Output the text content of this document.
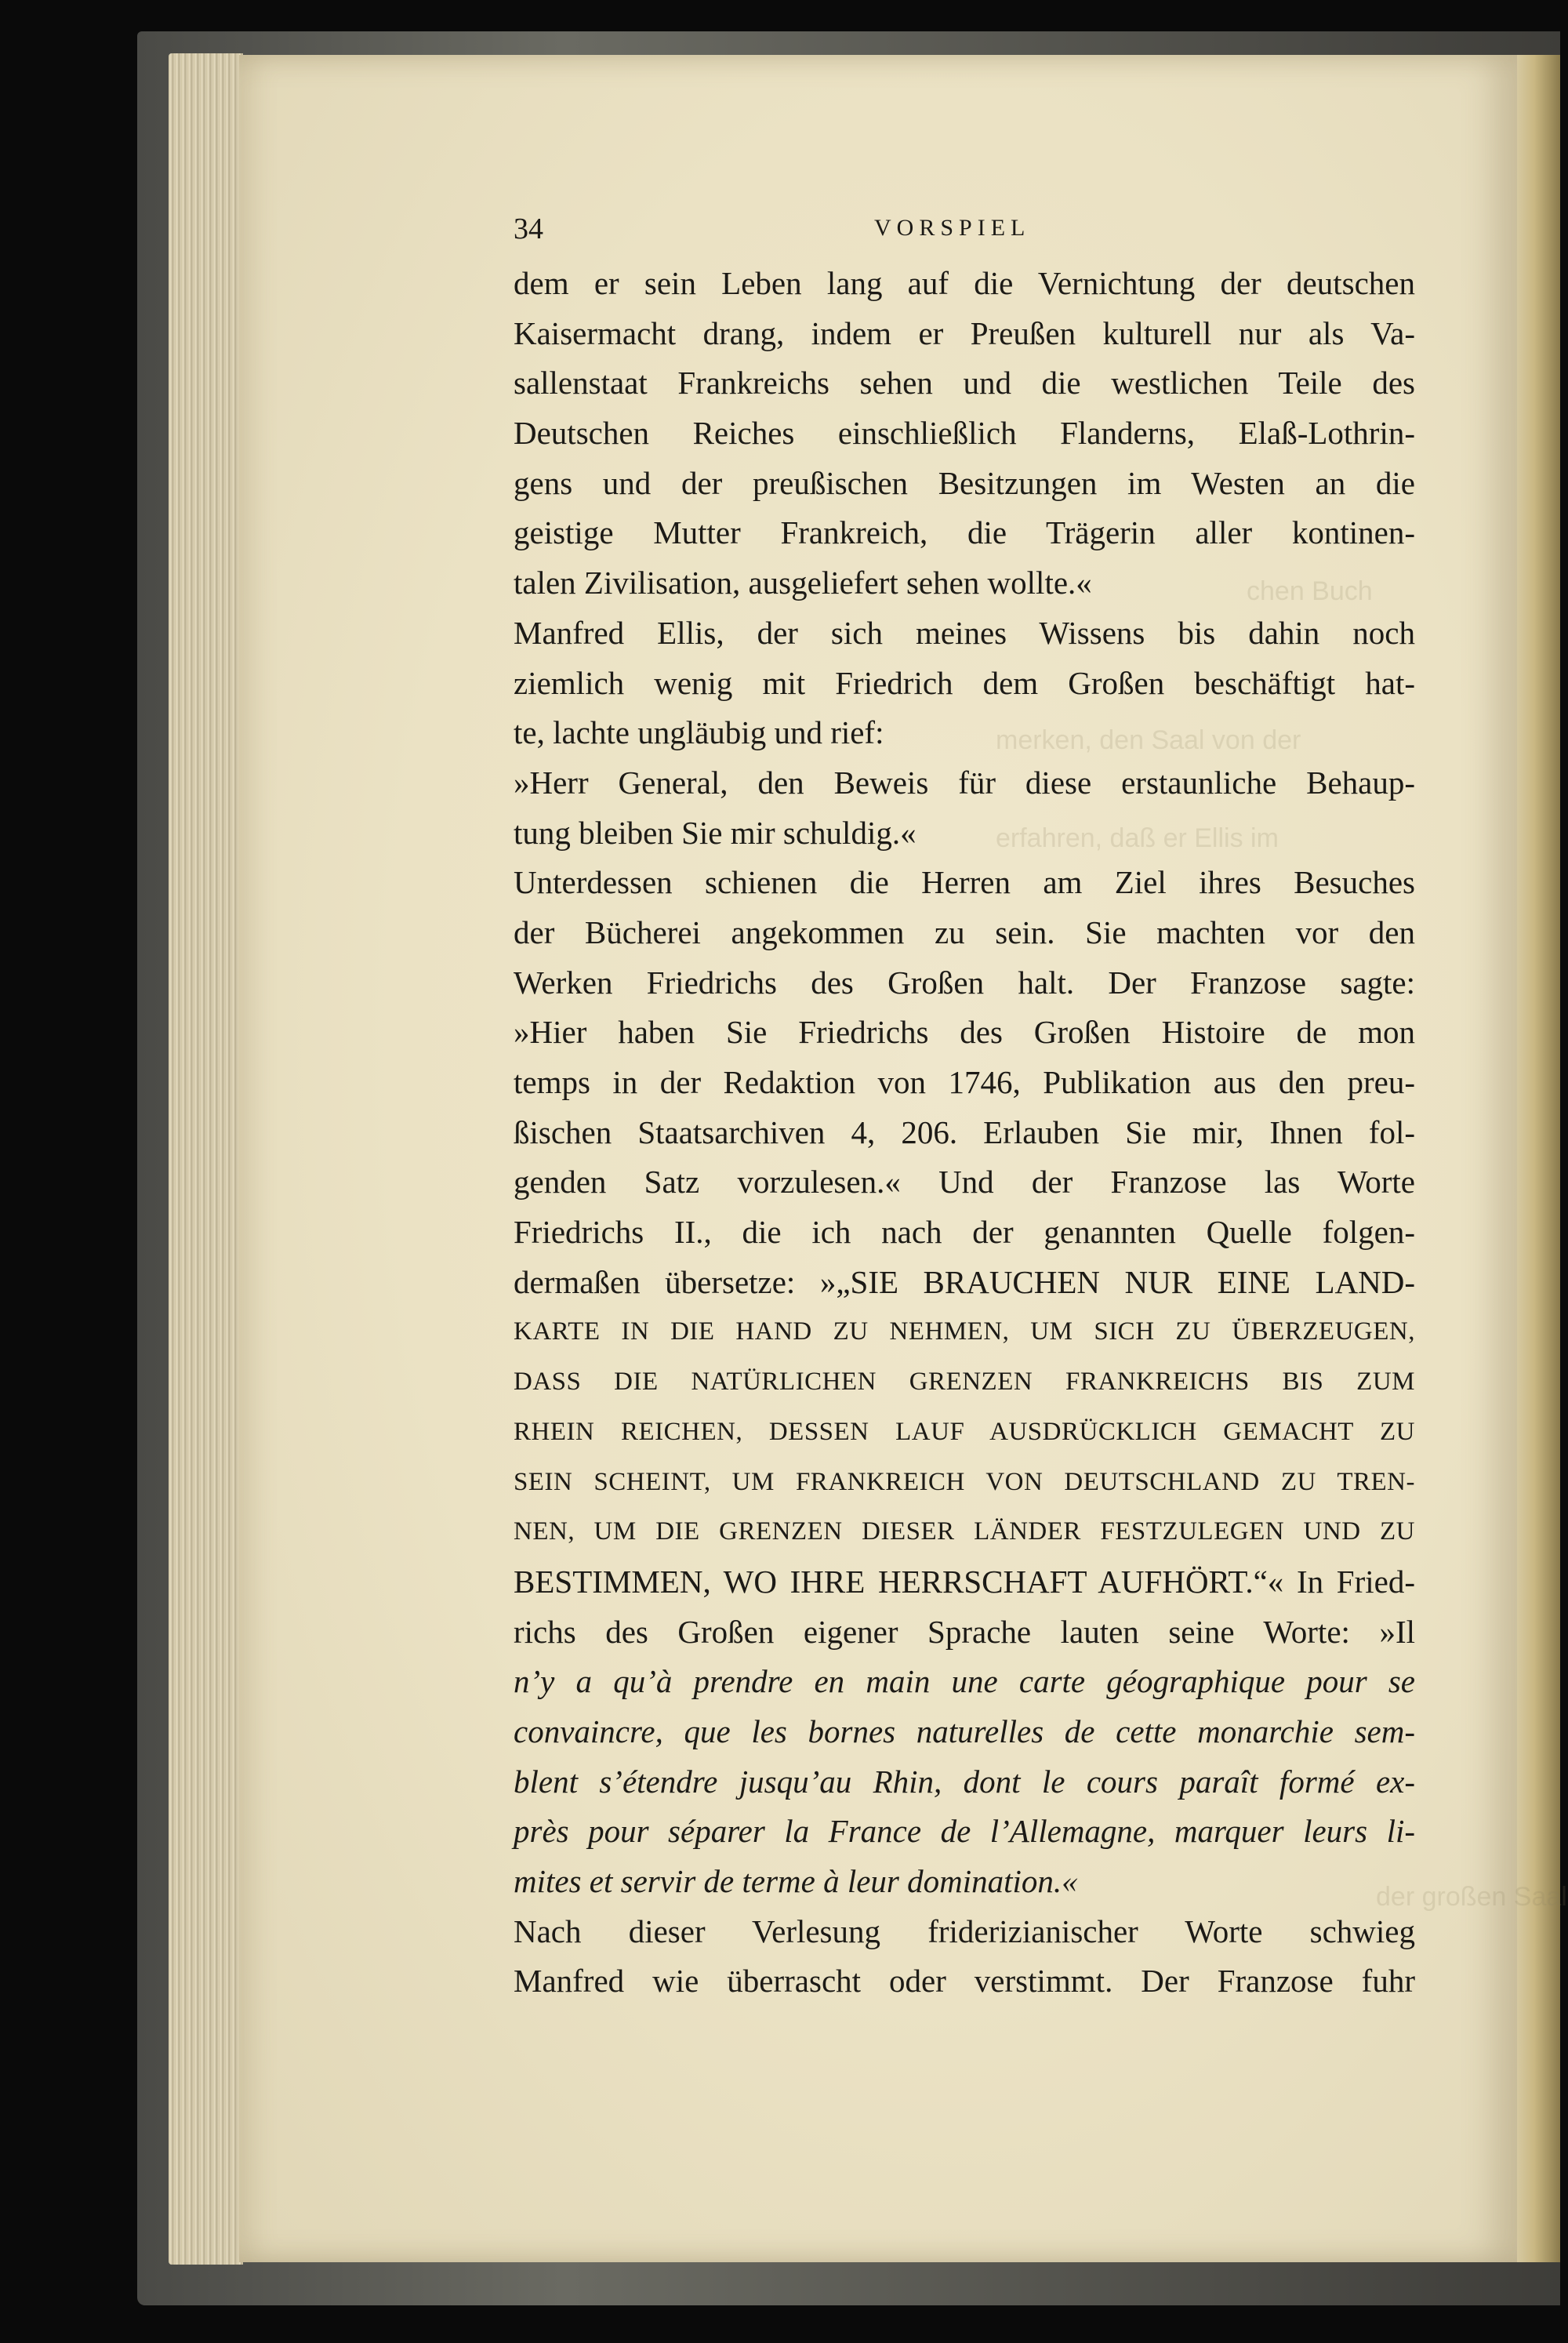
chen Buch
merken, den Saal von der
erfahren, daß er Ellis im
der großen Saal
34	VORSPIEL
dem er sein Leben lang auf die Vernichtung der deutschen
Kaisermacht drang, indem er Preußen kulturell nur als Va-
sallenstaat Frankreichs sehen und die westlichen Teile des
Deutschen Reiches einschließlich Flanderns, Elaß-Lothrin-
gens und der preußischen Besitzungen im Westen an die
geistige Mutter Frankreich, die Trägerin aller kontinen-
talen Zivilisation, ausgeliefert sehen wollte.«
Manfred Ellis, der sich meines Wissens bis dahin noch
ziemlich wenig mit Friedrich dem Großen beschäftigt hat-
te, lachte ungläubig und rief:
»Herr General, den Beweis für diese erstaunliche Behaup-
tung bleiben Sie mir schuldig.«
Unterdessen schienen die Herren am Ziel ihres Besuches
der Bücherei angekommen zu sein. Sie machten vor den
Werken Friedrichs des Großen halt. Der Franzose sagte:
»Hier haben Sie Friedrichs des Großen Histoire de mon
temps in der Redaktion von 1746, Publikation aus den preu-
ßischen Staatsarchiven 4, 206. Erlauben Sie mir, Ihnen fol-
genden Satz vorzulesen.« Und der Franzose las Worte
Friedrichs II., die ich nach der genannten Quelle folgen-
dermaßen übersetze: »„SIE BRAUCHEN NUR EINE LAND-
KARTE IN DIE HAND ZU NEHMEN, UM SICH ZU ÜBERZEUGEN,
DASS DIE NATÜRLICHEN GRENZEN FRANKREICHS BIS ZUM
RHEIN REICHEN, DESSEN LAUF AUSDRÜCKLICH GEMACHT ZU
SEIN SCHEINT, UM FRANKREICH VON DEUTSCHLAND ZU TREN-
NEN, UM DIE GRENZEN DIESER LÄNDER FESTZULEGEN UND ZU
BESTIMMEN, WO IHRE HERRSCHAFT AUFHÖRT.“« In Fried-
richs des Großen eigener Sprache lauten seine Worte: »Il
n’y a qu’à prendre en main une carte géographique pour se
convaincre, que les bornes naturelles de cette monarchie sem-
blent s’étendre jusqu’au Rhin, dont le cours paraît formé ex-
près pour séparer la France de l’Allemagne, marquer leurs li-
mites et servir de terme à leur domination.«
Nach dieser Verlesung friderizianischer Worte schwieg
Manfred wie überrascht oder verstimmt. Der Franzose fuhr
